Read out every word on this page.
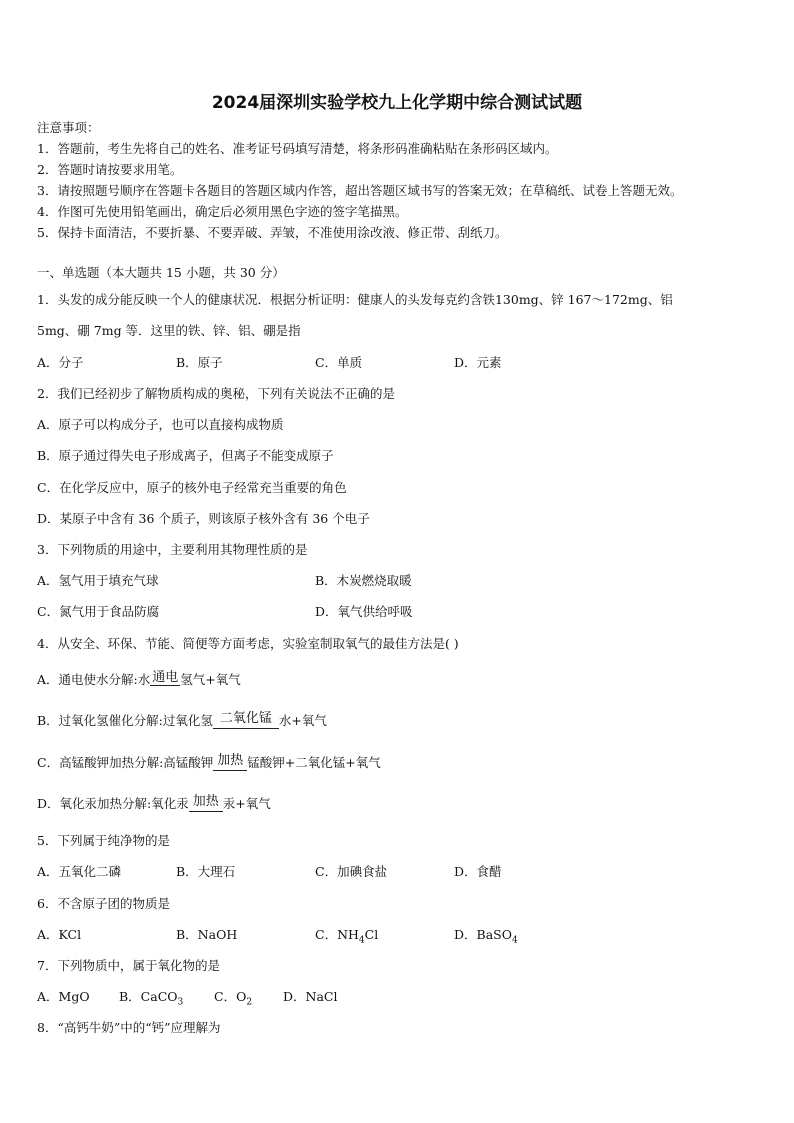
2024届深圳实验学校九上化学期中综合测试试题
注意事项：
1．答题前，考生先将自己的姓名、准考证号码填写清楚，将条形码准确粘贴在条形码区域内。
2．答题时请按要求用笔。
3．请按照题号顺序在答题卡各题目的答题区域内作答，超出答题区域书写的答案无效；在草稿纸、试卷上答题无效。
4．作图可先使用铅笔画出，确定后必须用黑色字迹的签字笔描黑。
5．保持卡面清洁，不要折暴、不要弄破、弄皱，不准使用涂改液、修正带、刮纸刀。
一、单选题（本大题共 15 小题，共 30 分）
1．头发的成分能反映一个人的健康状况．根据分析证明：健康人的头发每克约含铁130mg、锌 167～172mg、铝
5mg、硼 7mg 等．这里的铁、锌、铝、硼是指
A．分子	B．原子	C．单质	D．元素
2．我们已经初步了解物质构成的奥秘，下列有关说法不正确的是
A．原子可以构成分子，也可以直接构成物质
B．原子通过得失电子形成离子，但离子不能变成原子
C．在化学反应中，原子的核外电子经常充当重要的角色
D．某原子中含有 36 个质子，则该原子核外含有 36 个电子
3．下列物质的用途中，主要利用其物理性质的是
A．氢气用于填充气球	B．木炭燃烧取暖
C．氮气用于食品防腐	D．氧气供给呼吸
4．从安全、环保、节能、简便等方面考虑，实验室制取氧气的最佳方法是( )
A．通电使水分解:水 通电 氢气+氧气
B．过氧化氢催化分解:过氧化氢 二氧化锰 水+氧气
C．高锰酸钾加热分解:高锰酸钾 加热 锰酸钾+二氧化锰+氧气
D．氧化汞加热分解:氧化汞 加热 汞+氧气
5．下列属于纯净物的是
A．五氧化二磷	B．大理石	C．加碘食盐	D．食醋
6．不含原子团的物质是
A．KCl	B．NaOH	C．$NH_4Cl$	D．BaSO$_4$
7．下列物质中，属于氧化物的是
A．MgO B．CaCO$_3$ C．$O_2$ D．NaCl
8．“高钙牛奶”中的“钙”应理解为
